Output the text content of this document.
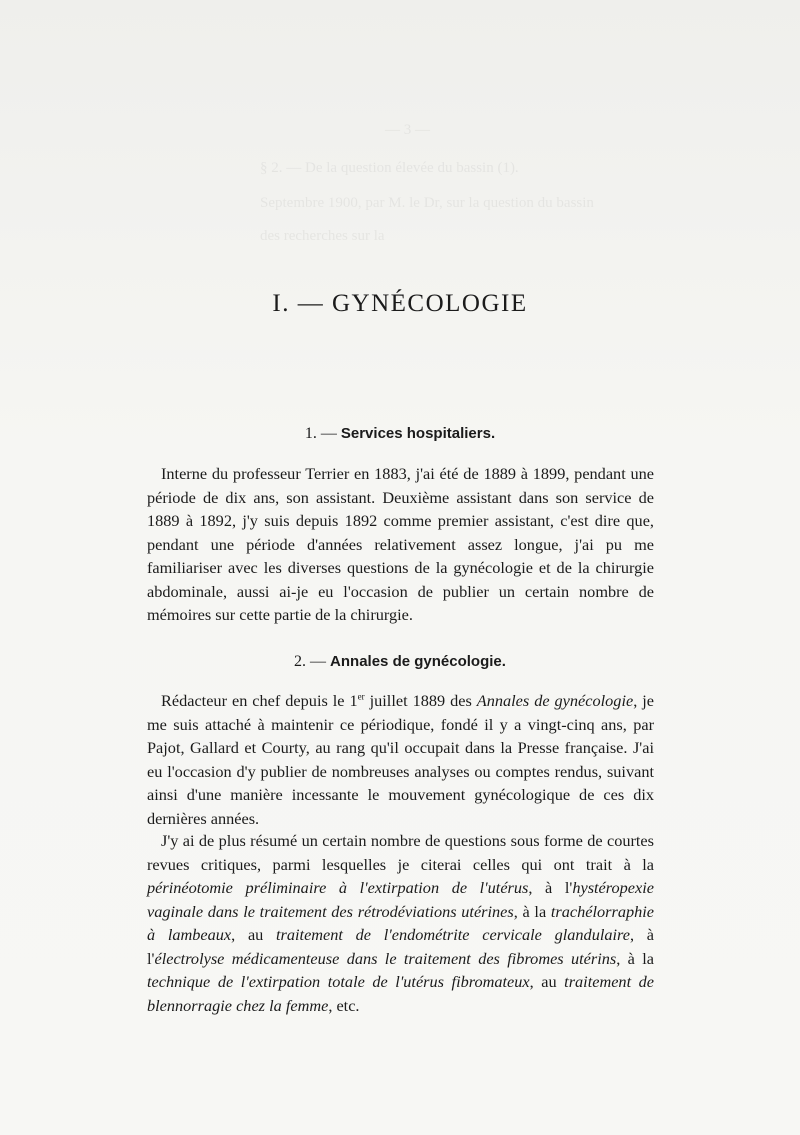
— 3 —
§ 2. — De la question élevée du bassin (1).
Septembre 1900, par M. le Dr, sur la question du bassin
des recherches sur la
I. — GYNÉCOLOGIE
1. — Services hospitaliers.

Interne du professeur Terrier en 1883, j'ai été de 1889 à 1899, pendant une période de dix ans, son assistant. Deuxième assistant dans son service de 1889 à 1892, j'y suis depuis 1892 comme premier assistant, c'est dire que, pendant une période d'années relativement assez longue, j'ai pu me familiariser avec les diverses questions de la gynécologie et de la chirurgie abdominale, aussi ai-je eu l'occasion de publier un certain nombre de mémoires sur cette partie de la chirurgie.

2. — Annales de gynécologie.

Rédacteur en chef depuis le 1er juillet 1889 des Annales de gynécologie, je me suis attaché à maintenir ce périodique, fondé il y a vingt-cinq ans, par Pajot, Gallard et Courty, au rang qu'il occupait dans la Presse française. J'ai eu l'occasion d'y publier de nombreuses analyses ou comptes rendus, suivant ainsi d'une manière incessante le mouvement gynécologique de ces dix dernières années.

J'y ai de plus résumé un certain nombre de questions sous forme de courtes revues critiques, parmi lesquelles je citerai celles qui ont trait à la périnéotomie préliminaire à l'extirpation de l'utérus, à l'hystéropexie vaginale dans le traitement des rétrodéviations utérines, à la trachélorraphie à lambeaux, au traitement de l'endométrite cervicale glandulaire, à l'électrolyse médicamenteuse dans le traitement des fibromes utérins, à la technique de l'extirpation totale de l'utérus fibromateux, au traitement de blennorragie chez la femme, etc.
